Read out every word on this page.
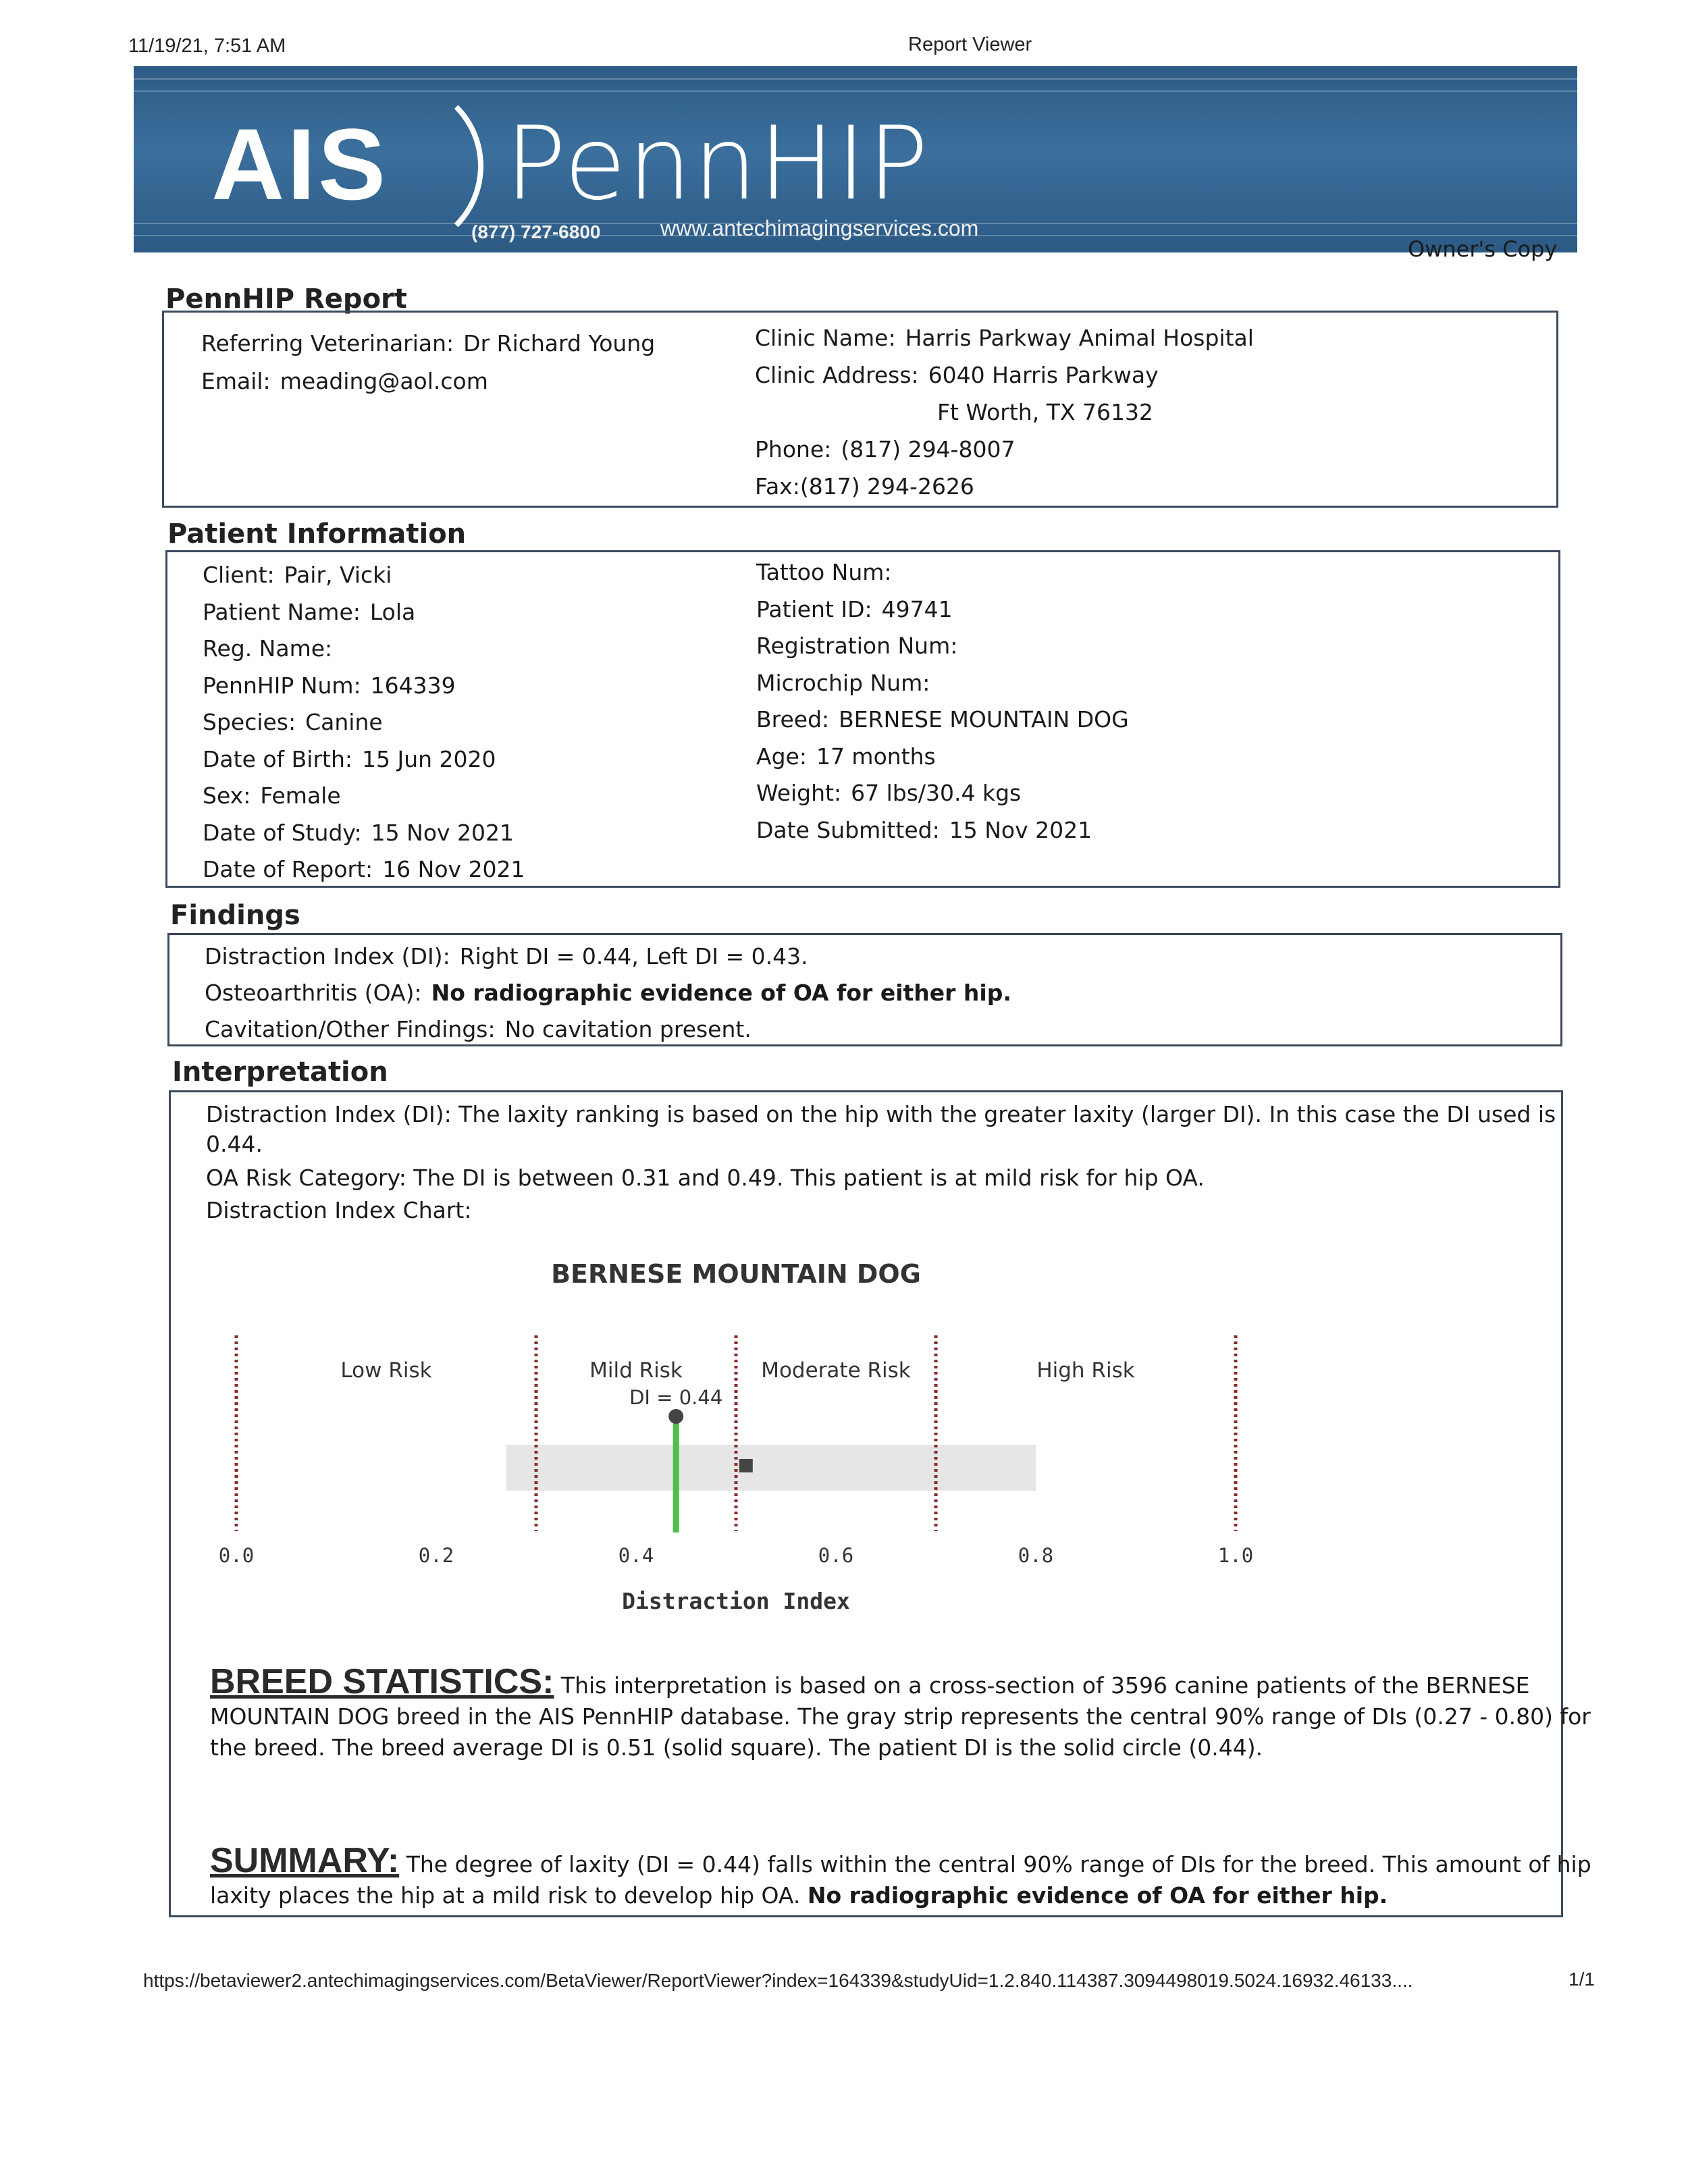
11/19/21, 7:51 AM	Report Viewer
AIS PennHIP
(877) 727-6800	www.antechimagingservices.com
Owner's Copy
PennHIP Report
Referring Veterinarian: Dr Richard Young
Email: meading@aol.com
Clinic Name: Harris Parkway Animal Hospital
Clinic Address: 6040 Harris Parkway
Ft Worth, TX 76132
Phone: (817) 294-8007
Fax:(817) 294-2626
Patient Information
Client: Pair, Vicki
Patient Name: Lola
Reg. Name:
PennHIP Num: 164339
Species: Canine
Date of Birth: 15 Jun 2020
Sex: Female
Date of Study: 15 Nov 2021
Date of Report: 16 Nov 2021
Tattoo Num:
Patient ID: 49741
Registration Num:
Microchip Num:
Breed: BERNESE MOUNTAIN DOG
Age: 17 months
Weight: 67 lbs/30.4 kgs
Date Submitted: 15 Nov 2021
Findings
Distraction Index (DI): Right DI = 0.44, Left DI = 0.43.
Osteoarthritis (OA): No radiographic evidence of OA for either hip.
Cavitation/Other Findings: No cavitation present.
Interpretation
Distraction Index (DI): The laxity ranking is based on the hip with the greater laxity (larger DI). In this case the DI used is
0.44.
OA Risk Category: The DI is between 0.31 and 0.49. This patient is at mild risk for hip OA.
Distraction Index Chart:
BERNESE MOUNTAIN DOG
Low Risk	Mild Risk	Moderate Risk	High Risk
DI = 0.44
0.0	0.2	0.4	0.6	0.8	1.0
Distraction Index
BREED STATISTICS: This interpretation is based on a cross-section of 3596 canine patients of the BERNESE
MOUNTAIN DOG breed in the AIS PennHIP database. The gray strip represents the central 90% range of DIs (0.27 - 0.80) for
the breed. The breed average DI is 0.51 (solid square). The patient DI is the solid circle (0.44).
SUMMARY: The degree of laxity (DI = 0.44) falls within the central 90% range of DIs for the breed. This amount of hip
laxity places the hip at a mild risk to develop hip OA. No radiographic evidence of OA for either hip.
https://betaviewer2.antechimagingservices.com/BetaViewer/ReportViewer?index=164339&studyUid=1.2.840.114387.3094498019.5024.16932.46133....	1/1
